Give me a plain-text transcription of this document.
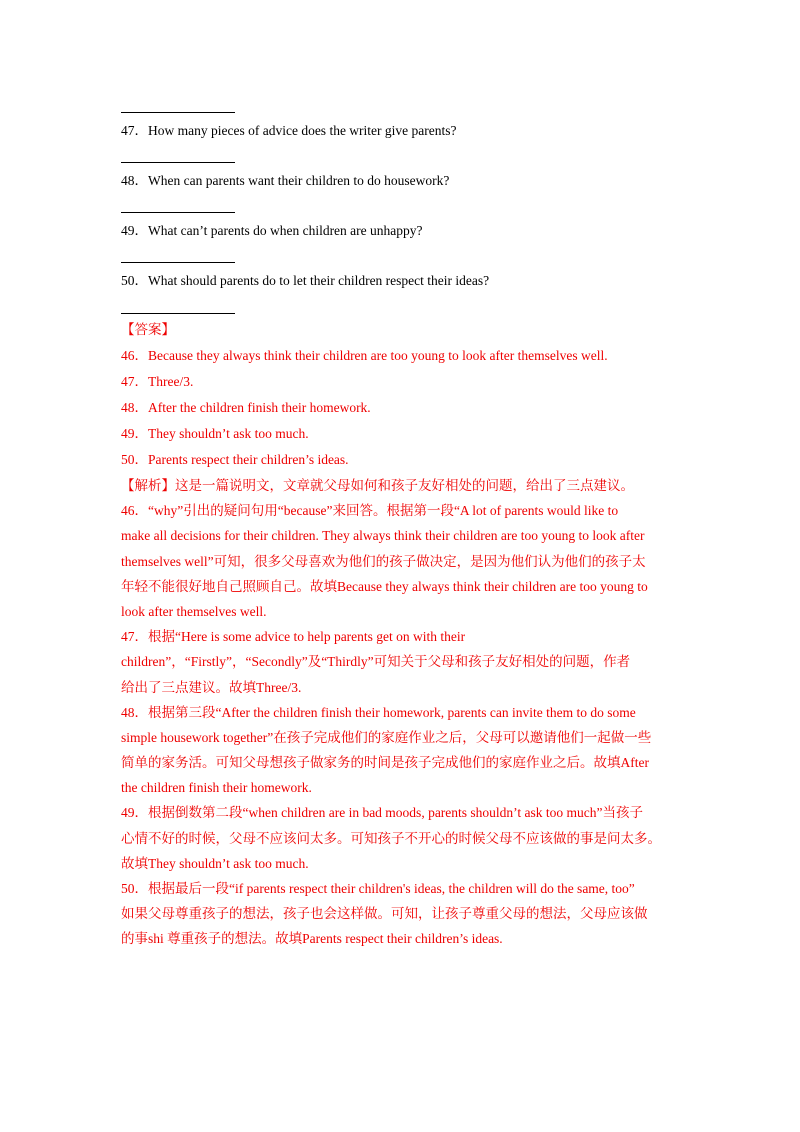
47．How many pieces of advice does the writer give parents?
48．When can parents want their children to do housework?
49．What can’t parents do when children are unhappy?
50．What should parents do to let their children respect their ideas?
【答案】
46．Because they always think their children are too young to look after themselves well.
47．Three/3.
48．After the children finish their homework.
49．They shouldn’t ask too much.
50．Parents respect their children’s ideas.
【解析】这是一篇说明文，文章就父母如何和孩子友好相处的问题，给出了三点建议。
46．“why”引出的疑问句用“because”来回答。根据第一段“A lot of parents would like to
make all decisions for their children. They always think their children are too young to look after
themselves well”可知，很多父母喜欢为他们的孩子做决定，是因为他们认为他们的孩子太
年轻不能很好地自己照顾自己。故填Because they always think their children are too young to
look after themselves well.
47．根据“Here is some advice to help parents get on with their
children”，“Firstly”，“Secondly”及“Thirdly”可知关于父母和孩子友好相处的问题，作者
给出了三点建议。故填Three/3.
48．根据第三段“After the children finish their homework, parents can invite them to do some
simple housework together”在孩子完成他们的家庭作业之后，父母可以邀请他们一起做一些
简单的家务活。可知父母想孩子做家务的时间是孩子完成他们的家庭作业之后。故填After
the children finish their homework.
49．根据倒数第二段“when children are in bad moods, parents shouldn’t ask too much”当孩子
心情不好的时候，父母不应该问太多。可知孩子不开心的时候父母不应该做的事是问太多。
故填They shouldn’t ask too much.
50．根据最后一段“if parents respect their children's ideas, the children will do the same, too”
如果父母尊重孩子的想法，孩子也会这样做。可知，让孩子尊重父母的想法，父母应该做
的事shi 尊重孩子的想法。故填Parents respect their children’s ideas.
